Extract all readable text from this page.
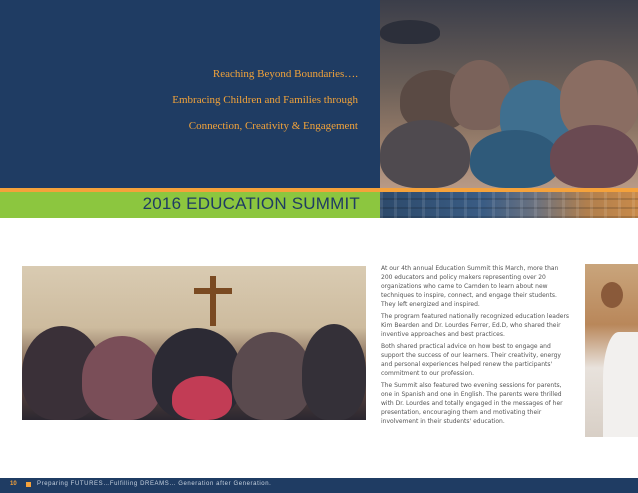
Reaching Beyond Boundaries….
Embracing Children and Families through
Connection, Creativity & Engagement
2016 EDUCATION SUMMIT

At our 4th annual Education Summit this March, more than 200 educators and policy makers representing over 20 organizations who came to Camden to learn about new techniques to inspire, connect, and engage their students. They left energized and inspired.

The program featured nationally recognized education leaders Kim Bearden and Dr. Lourdes Ferrer, Ed.D, who shared their inventive approaches and best practices.

Both shared practical advice on how best to engage and support the success of our learners. Their creativity, energy and personal experiences helped renew the participants' commitment to our profession.

The Summit also featured two evening sessions for parents, one in Spanish and one in English. The parents were thrilled with Dr. Lourdes and totally engaged in the messages of her presentation, encouraging them and motivating their involvement in their students' education.

10	Preparing FUTURES…Fulfilling DREAMS… Generation after Generation.
